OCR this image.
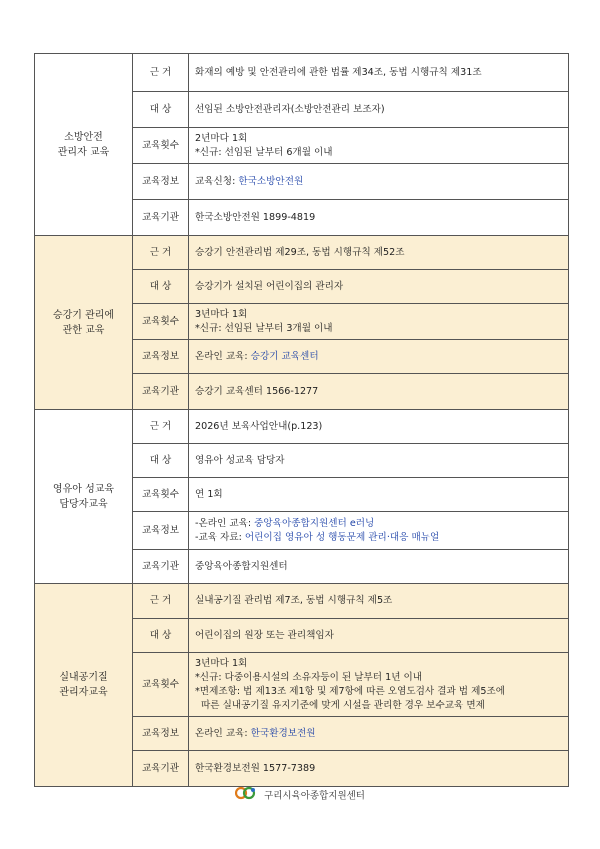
소방안전
관리자 교육	근 거	화재의 예방 및 안전관리에 관한 법률 제34조, 동법 시행규칙 제31조
	대 상	선임된 소방안전관리자(소방안전관리 보조자)
	교육횟수	2년마다 1회
*신규: 선임된 날부터 6개월 이내

	교육정보	교육신청: 한국소방안전원
	교육기관	한국소방안전원 1899-4819
승강기 관리에
관한 교육	근 거	승강기 안전관리법 제29조, 동법 시행규칙 제52조
	대 상	승강기가 설치된 어린이집의 관리자
	교육횟수	3년마다 1회
*신규: 선임된 날부터 3개월 이내

	교육정보	온라인 교육: 승강기 교육센터
	교육기관	승강기 교육센터 1566-1277
영유아 성교육
담당자교육	근 거	2026년 보육사업안내(p.123)
	대 상	영유아 성교육 담당자
	교육횟수	연 1회
	교육정보	-온라인 교육: 중앙육아종합지원센터 e러닝
-교육 자료: 어린이집 영유아 성 행동문제 관리·대응 매뉴얼

	교육기관	중앙육아종합지원센터
실내공기질
관리자교육	근 거	실내공기질 관리법 제7조, 동법 시행규칙 제5조
	대 상	어린이집의 원장 또는 관리책임자
	교육횟수	3년마다 1회
*신규: 다중이용시설의 소유자등이 된 날부터 1년 이내
*면제조항: 법 제13조 제1항 및 제7항에 따른 오염도검사 결과 법 제5조에
따른 실내공기질 유지기준에 맞게 시설을 관리한 경우 보수교육 면제

	교육정보	온라인 교육: 한국환경보전원
	교육기관	한국환경보전원 1577-7389
구리시육아종합지원센터
